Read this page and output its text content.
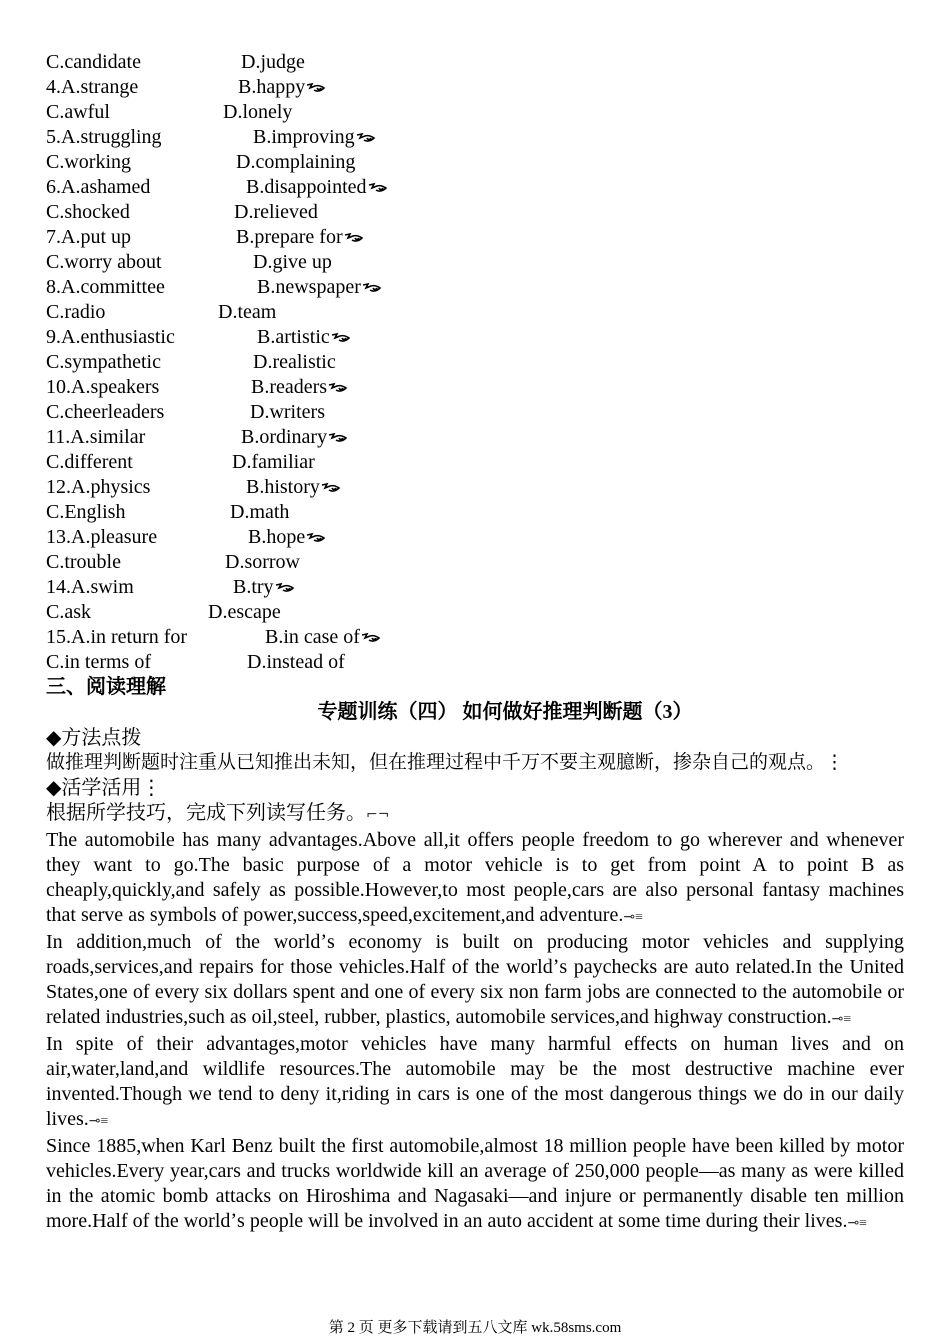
C.candidate	D.judge
4.A.strange	B.happy
C.awful	D.lonely
5.A.struggling	B.improving
C.working	D.complaining
6.A.ashamed	B.disappointed
C.shocked	D.relieved
7.A.put up	B.prepare for
C.worry about	D.give up
8.A.committee	B.newspaper
C.radio	D.team
9.A.enthusiastic	B.artistic
C.sympathetic	D.realistic
10.A.speakers	B.readers
C.cheerleaders	D.writers
11.A.similar	B.ordinary
C.different	D.familiar
12.A.physics	B.history
C.English	D.math
13.A.pleasure	B.hope
C.trouble	D.sorrow
14.A.swim	B.try
C.ask	D.escape
15.A.in return for	B.in case of
C.in terms of	D.instead of
三、阅读理解
专题训练（四） 如何做好推理判断题（3）
◆方法点拨
做推理判断题时注重从已知推出未知，但在推理过程中千万不要主观臆断，掺杂自己的观点。⋮
◆活学活用⋮
根据所学技巧，完成下列读写任务。⌐¬
The automobile has many advantages.Above all,it offers people freedom to go wherever and whenever they want to go.The basic purpose of a motor vehicle is to get from point A to point B as cheaply,quickly,and safely as possible.However,to most people,cars are also personal fantasy machines that serve as symbols of power,success,speed,excitement,and adventure.⊸≡
In addition,much of the worldʼs economy is built on producing motor vehicles and supplying roads,services,and repairs for those vehicles.Half of the worldʼs paychecks are auto related.In the United States,one of every six dollars spent and one of every six non farm jobs are connected to the automobile or related industries,such as oil,steel, rubber, plastics, automobile services,and highway construction.⊸≡
In spite of their advantages,motor vehicles have many harmful effects on human lives and on air,water,land,and wildlife resources.The automobile may be the most destructive machine ever invented.Though we tend to deny it,riding in cars is one of the most dangerous things we do in our daily lives.⊸≡
Since 1885,when Karl Benz built the first automobile,almost 18 million people have been killed by motor vehicles.Every year,cars and trucks worldwide kill an average of 250,000 people—as many as were killed in the atomic bomb attacks on Hiroshima and Nagasaki—and injure or permanently disable ten million more.Half of the worldʼs people will be involved in an auto accident at some time during their lives.⊸≡
第 2 页 更多下载请到五八文库 wk.58sms.com
